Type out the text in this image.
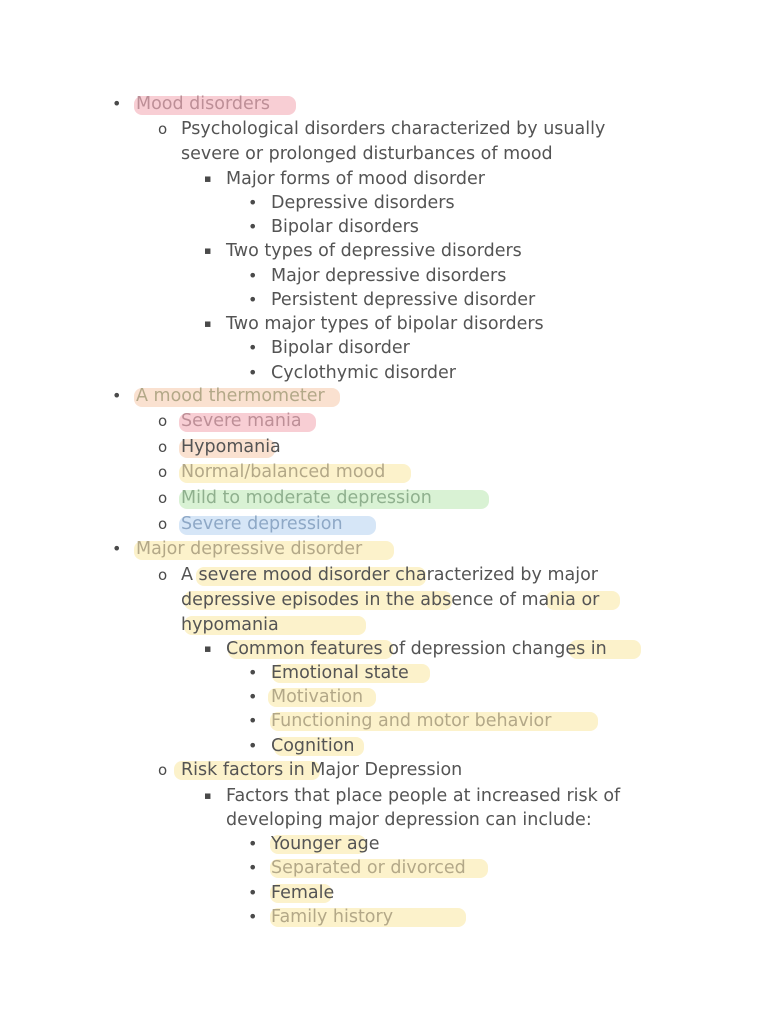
• Mood disorders
o Psychological disorders characterized by usually
severe or prolonged disturbances of mood
▪ Major forms of mood disorder
• Depressive disorders
• Bipolar disorders
▪ Two types of depressive disorders
• Major depressive disorders
• Persistent depressive disorder
▪ Two major types of bipolar disorders
• Bipolar disorder
• Cyclothymic disorder
• A mood thermometer
o Severe mania
o Hypomania
o Normal/balanced mood
o Mild to moderate depression
o Severe depression
• Major depressive disorder
o A severe mood disorder characterized by major
depressive episodes in the absence of mania or
hypomania
▪ Common features of depression changes in
• Emotional state
• Motivation
• Functioning and motor behavior
• Cognition
o Risk factors in Major Depression
▪ Factors that place people at increased risk of
developing major depression can include:
• Younger age
• Separated or divorced
• Female
• Family history
